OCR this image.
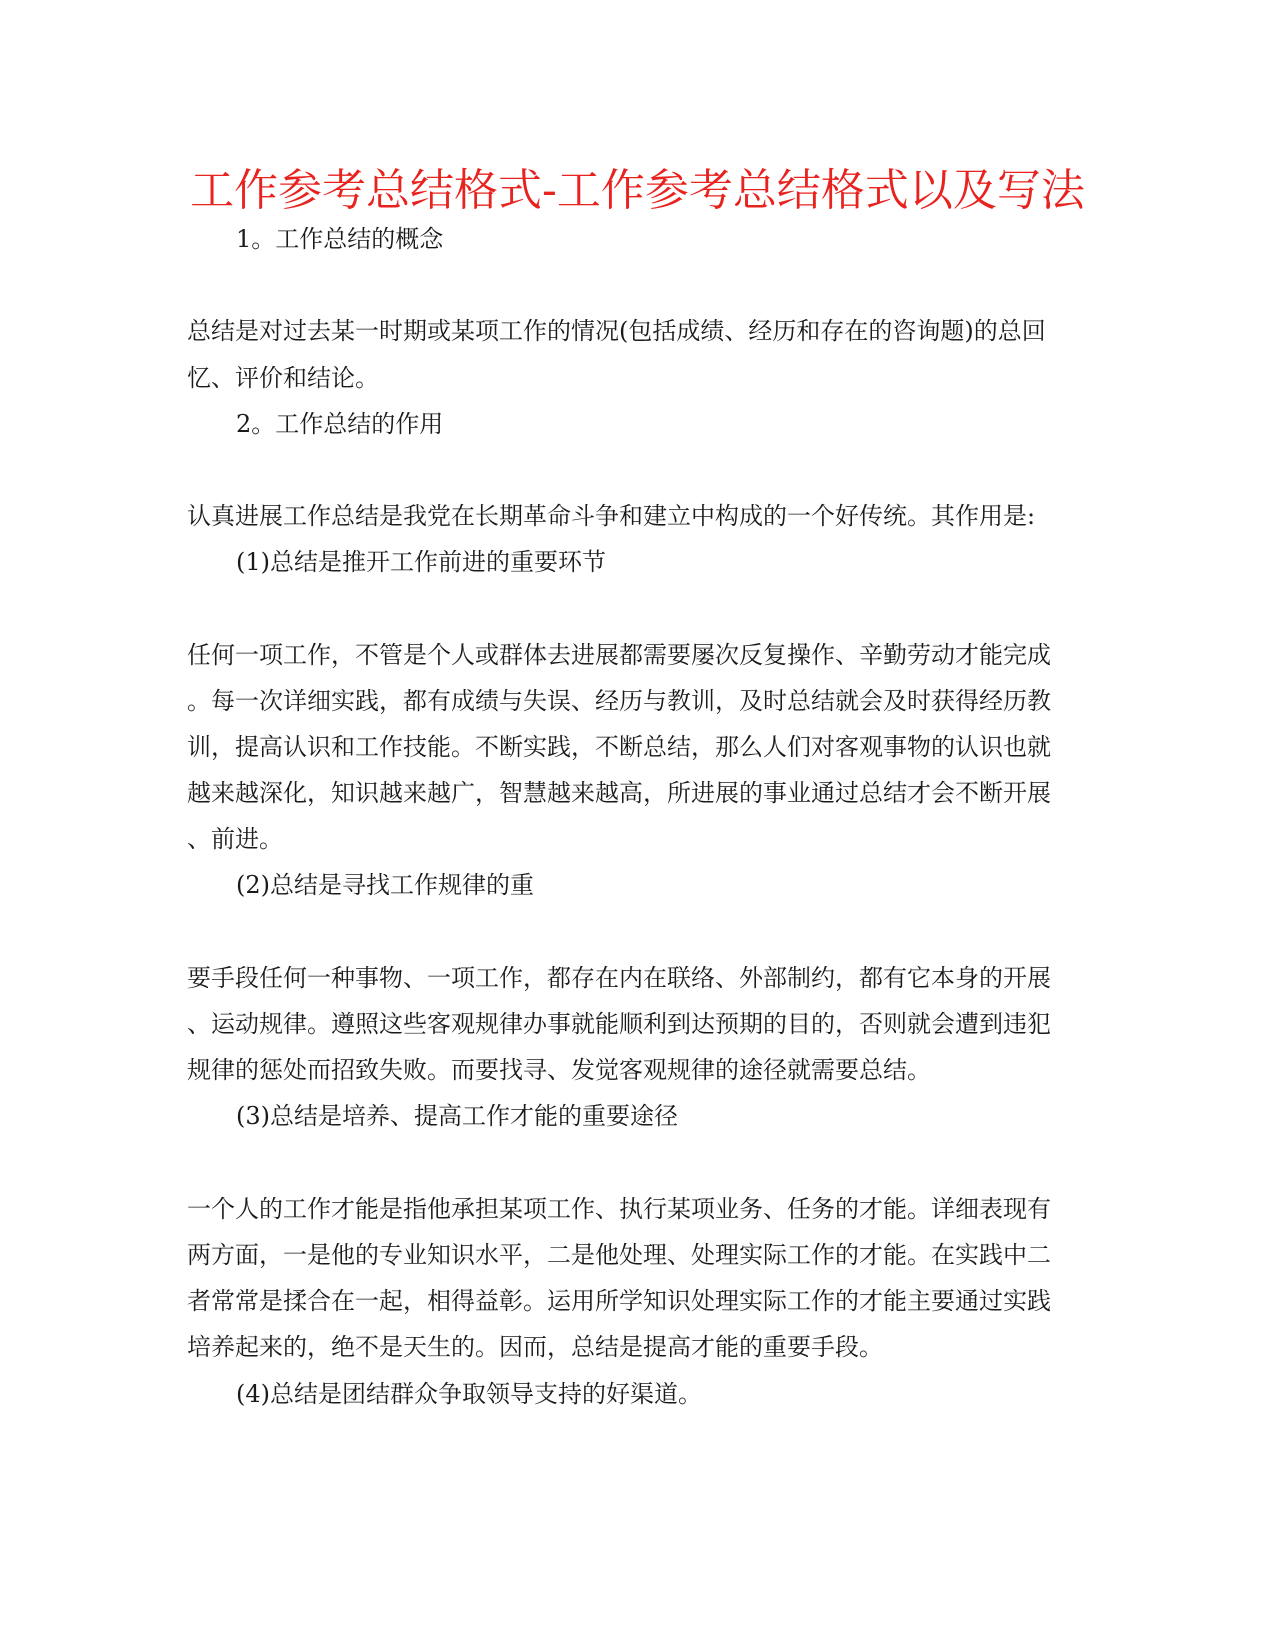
工作参考总结格式-工作参考总结格式以及写法
1。工作总结的概念
总结是对过去某一时期或某项工作的情况(包括成绩、经历和存在的咨询题)的总回
忆、评价和结论。
2。工作总结的作用
认真进展工作总结是我党在长期革命斗争和建立中构成的一个好传统。其作用是:
(1)总结是推开工作前进的重要环节
任何一项工作，不管是个人或群体去进展都需要屡次反复操作、辛勤劳动才能完成
。每一次详细实践，都有成绩与失误、经历与教训，及时总结就会及时获得经历教
训，提高认识和工作技能。不断实践，不断总结，那么人们对客观事物的认识也就
越来越深化，知识越来越广，智慧越来越高，所进展的事业通过总结才会不断开展
、前进。
(2)总结是寻找工作规律的重
要手段任何一种事物、一项工作，都存在内在联络、外部制约，都有它本身的开展
、运动规律。遵照这些客观规律办事就能顺利到达预期的目的，否则就会遭到违犯
规律的惩处而招致失败。而要找寻、发觉客观规律的途径就需要总结。
(3)总结是培养、提高工作才能的重要途径
一个人的工作才能是指他承担某项工作、执行某项业务、任务的才能。详细表现有
两方面，一是他的专业知识水平，二是他处理、处理实际工作的才能。在实践中二
者常常是揉合在一起，相得益彰。运用所学知识处理实际工作的才能主要通过实践
培养起来的，绝不是天生的。因而，总结是提高才能的重要手段。
(4)总结是团结群众争取领导支持的好渠道。
